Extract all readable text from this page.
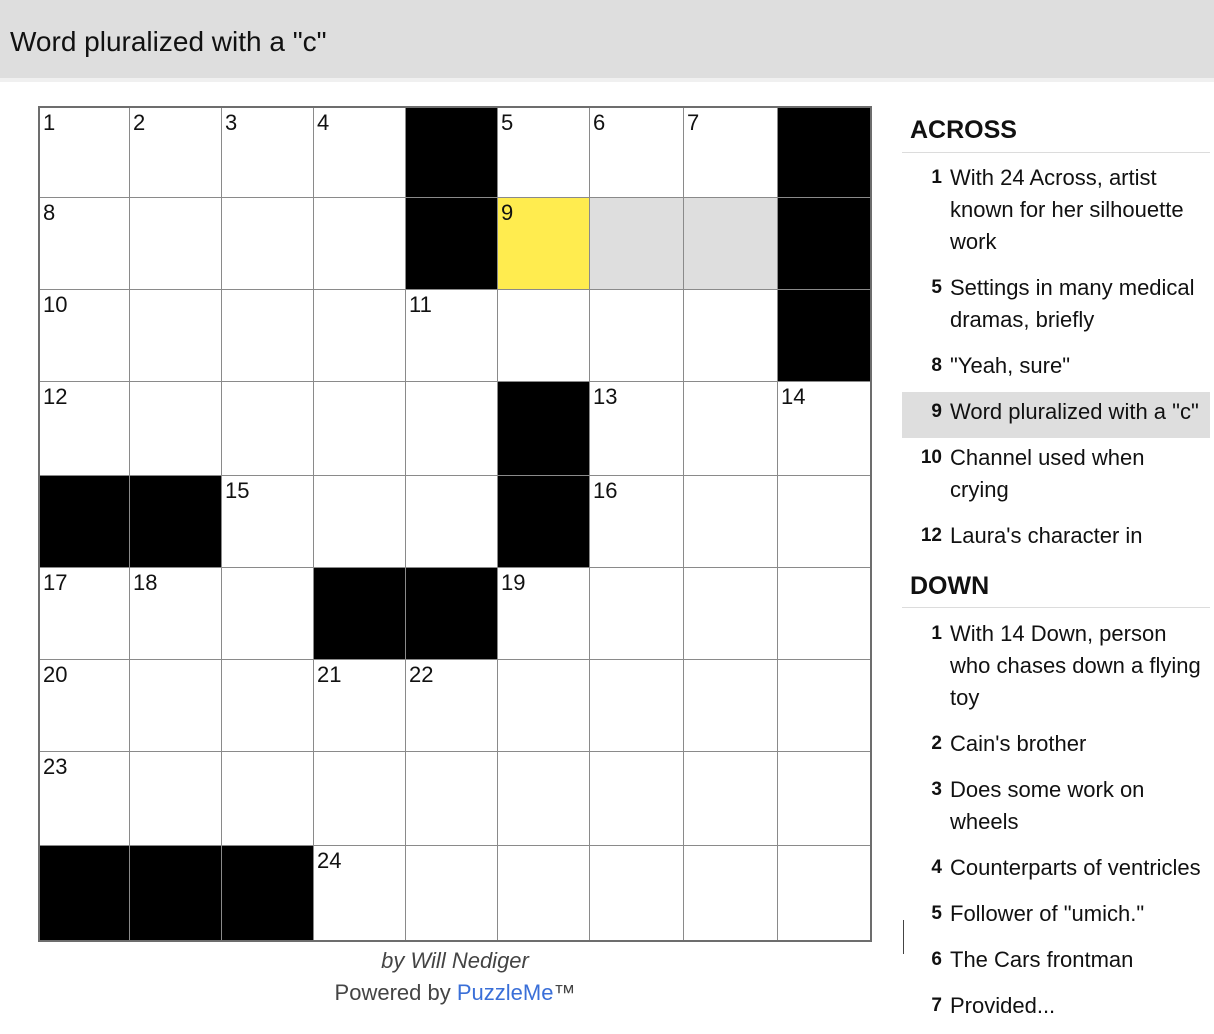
Word pluralized with a "c"
1	2	3	4	5	6	7
8	9
10	11
12	13	14
15	16
17	18	19
20	21	22
23
24
by Will Nediger
Powered by PuzzleMe™
ACROSS
1 With 24 Across, artist known for her silhouette work
5 Settings in many medical dramas, briefly
8 "Yeah, sure"
9 Word pluralized with a "c"
10 Channel used when crying
12 Laura's character in
DOWN
1 With 14 Down, person who chases down a flying toy
2 Cain's brother
3 Does some work on wheels
4 Counterparts of ventricles
5 Follower of "umich."
6 The Cars frontman
7 Provided...
